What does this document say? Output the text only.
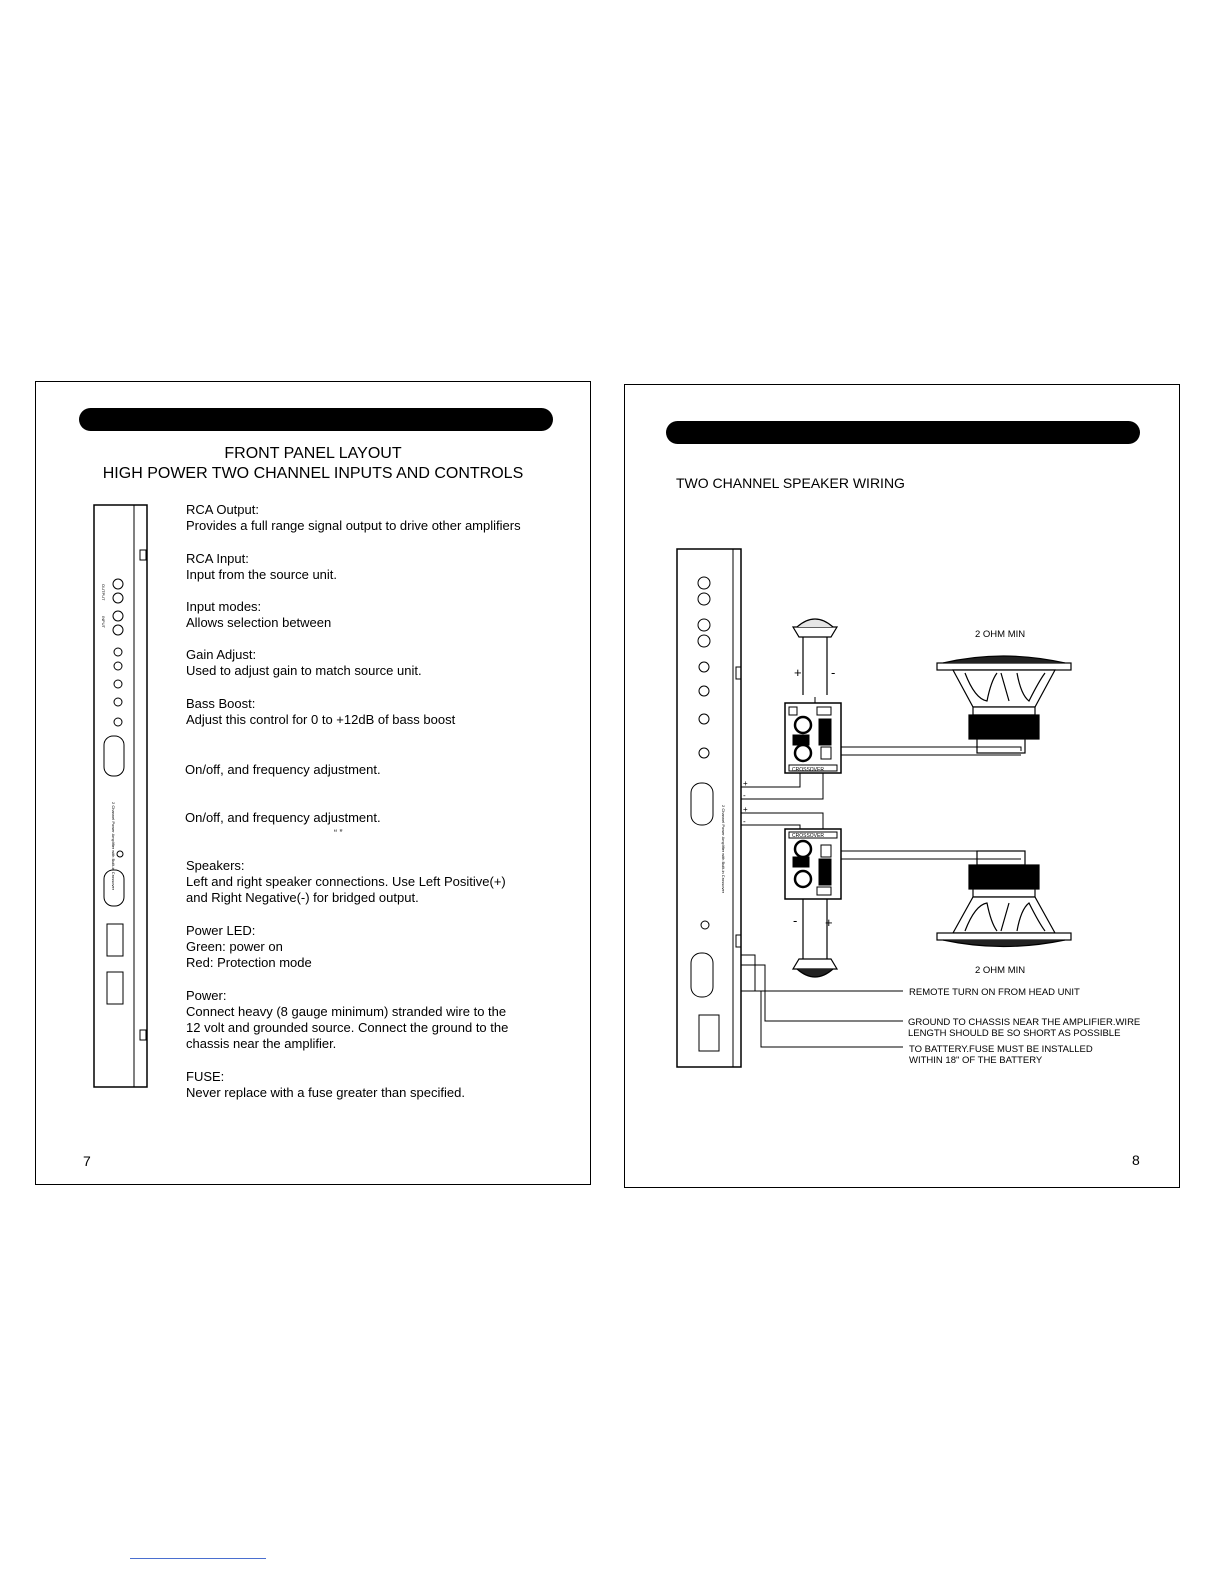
FRONT PANEL LAYOUT
HIGH POWER TWO CHANNEL INPUTS AND CONTROLS
2 Channel Power Amplifier with Built-in Crossover
OUTPUT
INPUT
RCA Output:
Provides a full range signal output to drive other amplifiers
RCA Input:
Input from the source unit.
Input modes:
Allows selection between
Gain Adjust:
Used to adjust gain to match source unit.
Bass Boost:
Adjust this control for 0 to +12dB of bass boost
On/off, and frequency adjustment.
On/off, and frequency adjustment.
“ ”
Speakers:
Left and right speaker connections. Use Left Positive(+)
and Right Negative(-) for bridged output.
Power LED:
Green: power on
Red: Protection mode
Power:
Connect heavy (8 gauge minimum) stranded wire to the
12 volt and grounded source. Connect the ground to the
chassis near the amplifier.
FUSE:
Never replace with a fuse greater than specified.
7
TWO CHANNEL SPEAKER WIRING
2 Channel Power Amplifier with Built-in Crossover
+ -
CROSSOVER
2 OHM MIN
+
-
+
-
CROSSOVER
2 OHM MIN
- +
REMOTE TURN ON FROM HEAD UNIT
GROUND TO CHASSIS NEAR THE AMPLIFIER.WIRE
LENGTH SHOULD BE SO SHORT AS POSSIBLE
TO BATTERY.FUSE MUST BE INSTALLED
WITHIN 18" OF THE BATTERY
8
